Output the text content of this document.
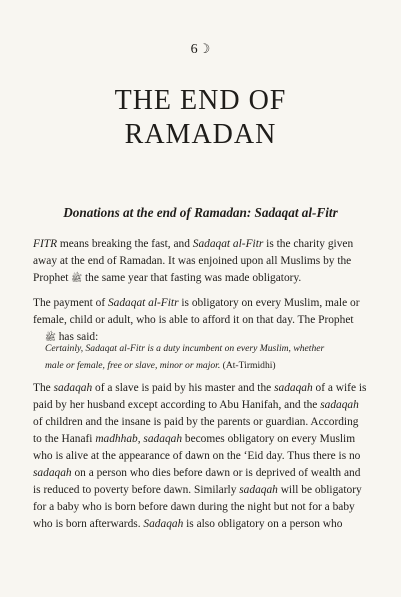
6☽
THE END OF
RAMADAN
Donations at the end of Ramadan: Sadaqat al-Fitr
FITR means breaking the fast, and Sadaqat al-Fitr is the charity given
away at the end of Ramadan. It was enjoined upon all Muslims by the
Prophet ﷺ the same year that fasting was made obligatory.
The payment of Sadaqat al-Fitr is obligatory on every Muslim, male or
female, child or adult, who is able to afford it on that day. The Prophet
ﷺ has said:
Certainly, Sadaqat al-Fitr is a duty incumbent on every Muslim, whether
male or female, free or slave, minor or major. (At-Tirmidhi)
The sadaqah of a slave is paid by his master and the sadaqah of a wife is
paid by her husband except according to Abu Hanifah, and the sadaqah
of children and the insane is paid by the parents or guardian. According
to the Hanafi madhhab, sadaqah becomes obligatory on every Muslim
who is alive at the appearance of dawn on the ‘Eid day. Thus there is no
sadaqah on a person who dies before dawn or is deprived of wealth and
is reduced to poverty before dawn. Similarly sadaqah will be obligatory
for a baby who is born before dawn during the night but not for a baby
who is born afterwards. Sadaqah is also obligatory on a person who
